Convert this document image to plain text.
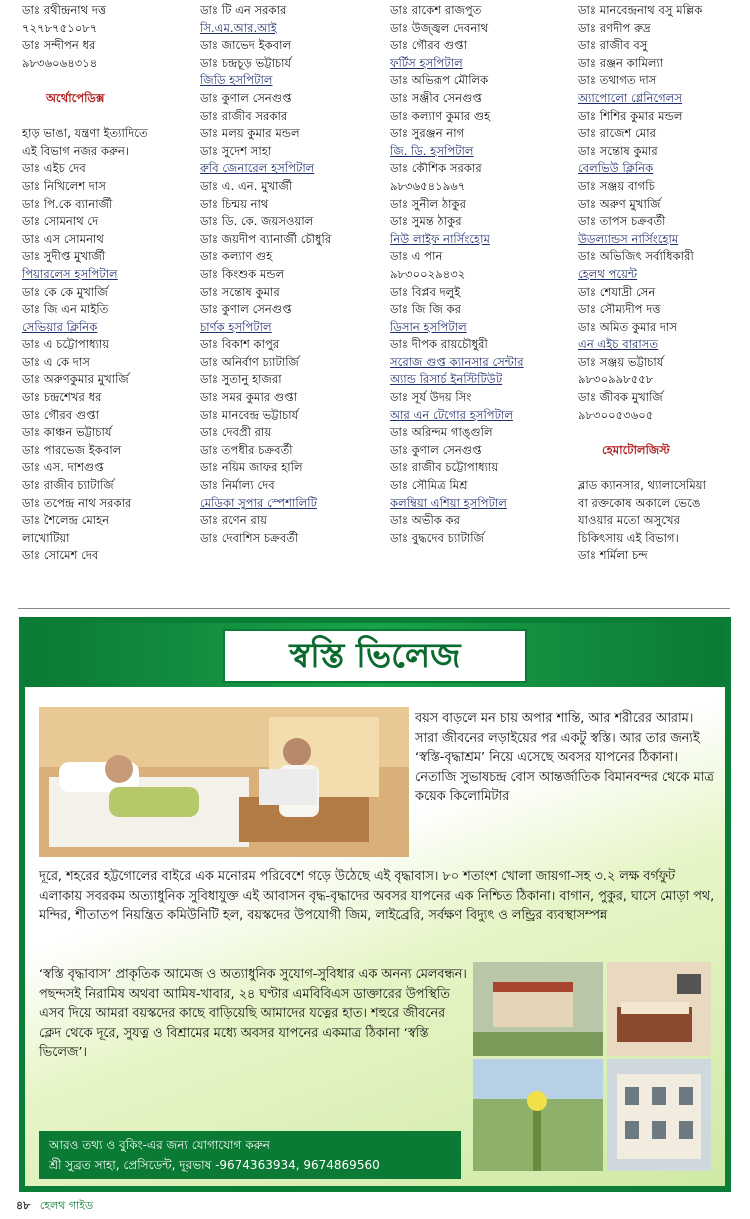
ডাঃ রথীন্দ্রনাথ দত্ত
৭২৭৮৭৫১০৮৭
ডাঃ সন্দীপন ধর
৯৮৩৬০৬৪৩১৪
অর্থোপেডিক্স
হাড় ভাঙা, যন্ত্রণা ইত্যাদিতে
এই বিভাগ নজর করুন।
ডাঃ এইচ দেব
ডাঃ নিখিলেশ দাস
ডাঃ পি.কে ব্যানার্জী
ডাঃ সোমনাথ দে
ডাঃ এস সোমনাথ
ডাঃ সুদীপ্ত মুখার্জী
পিয়ারলেস হসপিটাল
ডাঃ কে কে মুখার্জি
ডাঃ জি এন মাইতি
সেভিয়ার ক্লিনিক
ডাঃ এ চট্টোপাধ্যায়
ডাঃ এ কে দাস
ডাঃ অরুণকুমার মুখার্জি
ডাঃ চন্দ্রশেখর ধর
ডাঃ গৌরব গুপ্তা
ডাঃ কাঞ্চন ভট্টাচার্য
ডাঃ পারভেজ ইকবাল
ডাঃ এস. দাশগুপ্ত
ডাঃ রাজীব চ্যাটার্জি
ডাঃ তপেন্দ্র নাথ সরকার
ডাঃ শৈলেন্দ্র মোহন
লাখোটিয়া
ডাঃ সোমেশ দেব
ডাঃ টি এন সরকার
সি.এম.আর.আই
ডাঃ জাভেদ ইকবাল
ডাঃ চন্দ্রচূড় ভট্টাচার্য
জিডি হসপিটাল
ডাঃ কুণাল সেনগুপ্ত
ডাঃ রাজীব সরকার
ডাঃ মলয় কুমার মন্ডল
ডাঃ সুদেশ সাহা
রুবি জেনারেল হসপিটাল
ডাঃ এ. এন. মুখার্জী
ডাঃ চিন্ময় নাথ
ডাঃ ডি. কে. জয়সওয়াল
ডাঃ জয়দীপ ব্যানার্জী চৌধুরি
ডাঃ কল্যাণ গুহ
ডাঃ কিংশুক মন্ডল
ডাঃ সন্তোষ কুমার
ডাঃ কুণাল সেনগুপ্ত
চার্ণক হসপিটাল
ডাঃ বিকাশ কাপুর
ডাঃ অনির্বাণ চ্যাটার্জি
ডাঃ সুতানু হাজরা
ডাঃ সমর কুমার গুপ্তা
ডাঃ মানবেন্দ্র ভট্টাচার্য
ডাঃ দেবপ্রী রায়
ডাঃ তপধীর চক্রবর্তী
ডাঃ নয়িম জাফর হালি
ডাঃ নির্মাল্য দেব
মেডিকা সুপার স্পেশালিটি
ডাঃ রণেন রায়
ডাঃ দেবাশিস চক্রবর্তী
ডাঃ রাকেশ রাজপুত
ডাঃ উজ্জ্বল দেবনাথ
ডাঃ গৌরব গুপ্তা
ফর্টিস হসপিটাল
ডাঃ অভিরূপ মৌলিক
ডাঃ সঞ্জীব সেনগুপ্ত
ডাঃ কল্যাণ কুমার গুহ
ডাঃ সুরঞ্জন নাগ
জি. ডি. হসপিটাল
ডাঃ কৌশিক সরকার
৯৮৩৬৫৪১৯৬৭
ডাঃ সুনীল ঠাকুর
ডাঃ সুমন্ত ঠাকুর
নিউ লাইফ নার্সিংহোম
ডাঃ এ পান
৯৮৩০০২৯৪৩২
ডাঃ বিপ্লব দলুই
ডাঃ জি জি কর
ডিসান হসপিটাল
ডাঃ দীপক রায়চৌধুরী
সরোজ গুপ্ত ক্যানসার সেন্টার
অ্যান্ড রিসার্চ ইনস্টিটিউট
ডাঃ সূর্য উদয় সিং
আর এন টেগোর হসপিটাল
ডাঃ অরিন্দম গাঙ্গুলি
ডাঃ কুণাল সেনগুপ্ত
ডাঃ রাজীব চট্টোপাধ্যায়
ডাঃ সৌমিত্র মিশ্র
কলম্বিয়া এশিয়া হসপিটাল
ডাঃ অভীক কর
ডাঃ বুদ্ধদেব চ্যাটার্জি
ডাঃ মানবেন্দ্রনাথ বসু মল্লিক
ডাঃ রণদীপ রুদ্র
ডাঃ রাজীব বসু
ডাঃ রঞ্জন কামিল্যা
ডাঃ তথাগত দাস
অ্যাপোলো গ্লেনিগেলস
ডাঃ শিশির কুমার মন্ডল
ডাঃ রাজেশ মোর
ডাঃ সন্তোষ কুমার
বেলভিউ ক্লিনিক
ডাঃ সঞ্জয় বাগচি
ডাঃ অরুণ মুখার্জি
ডাঃ তাপস চক্রবর্তী
উডল্যান্ডস নার্সিংহোম
ডাঃ অভিজিৎ সর্বাধিকারী
হেলথ পয়েন্ট
ডাঃ শেযাদ্রী সেন
ডাঃ সৌম্যদীপ দত্ত
ডাঃ অমিত কুমার দাস
এন এইচ বারাসত
ডাঃ সঞ্জয় ভট্টাচার্য
৯৮৩০৯৯৮৫৫৮
ডাঃ জীবক মুখার্জি
৯৮৩০০৫৩৬০৫
হেমাটোলজিস্ট
ব্লাড ক্যানসার, থ্যালাসেমিয়া
বা রক্তকোষ অকালে ভেঙে
যাওয়ার মতো অসুখের
চিকিৎসায় এই বিভাগ।
ডাঃ শর্মিলা চন্দ
স্বস্তি ভিলেজ
বয়স বাড়লে মন চায় অপার শান্তি, আর শরীরের আরাম। সারা জীবনের লড়াইয়ের পর একটু স্বস্তি। আর তার জন্যই ‘স্বস্তি-বৃদ্ধাশ্রম’ নিয়ে এসেছে অবসর যাপনের ঠিকানা। নেতাজি সুভাষচন্দ্র বোস আন্তর্জাতিক বিমানবন্দর থেকে মাত্র কয়েক কিলোমিটার
দূরে, শহরের হট্টগোলের বাইরে এক মনোরম পরিবেশে গড়ে উঠেছে এই বৃদ্ধাবাস। ৮০ শতাংশ খোলা জায়গা-সহ ৩.২ লক্ষ বর্গফুট এলাকায় সবরকম অত্যাধুনিক সুবিধাযুক্ত এই আবাসন বৃদ্ধ-বৃদ্ধাদের অবসর যাপনের এক নিশ্চিত ঠিকানা। বাগান, পুকুর, ঘাসে মোড়া পথ, মন্দির, শীতাতপ নিয়ন্ত্রিত কমিউনিটি হল, বয়স্কদের উপযোগী জিম, লাইব্রেরি, সর্বক্ষণ বিদ্যুৎ ও লন্ড্রির ব্যবস্থাসম্পন্ন
‘স্বস্তি বৃদ্ধাবাস’ প্রাকৃতিক আমেজ ও অত্যাধুনিক সুযোগ-সুবিধার এক অনন্য মেলবন্ধন। পছন্দসই নিরামিষ অথবা আমিষ-খাবার, ২৪ ঘণ্টার এমবিবিএস ডাক্তারের উপস্থিতি এসব দিয়ে আমরা বয়স্কদের কাছে বাড়িয়েছি আমাদের যত্নের হাত। শহুরে জীবনের ক্লেদ থেকে দূরে, সুযত্ন ও বিশ্রামের মধ্যে অবসর যাপনের একমাত্র ঠিকানা ‘স্বস্তি ভিলেজ’।
আরও তথ্য ও বুকিং-এর জন্য যোগাযোগ করুন
শ্রী সুব্রত সাহা, প্রেসিডেন্ট, দূরভাষ -9674363934, 9674869560
৪৮ হেলথ গাইড
